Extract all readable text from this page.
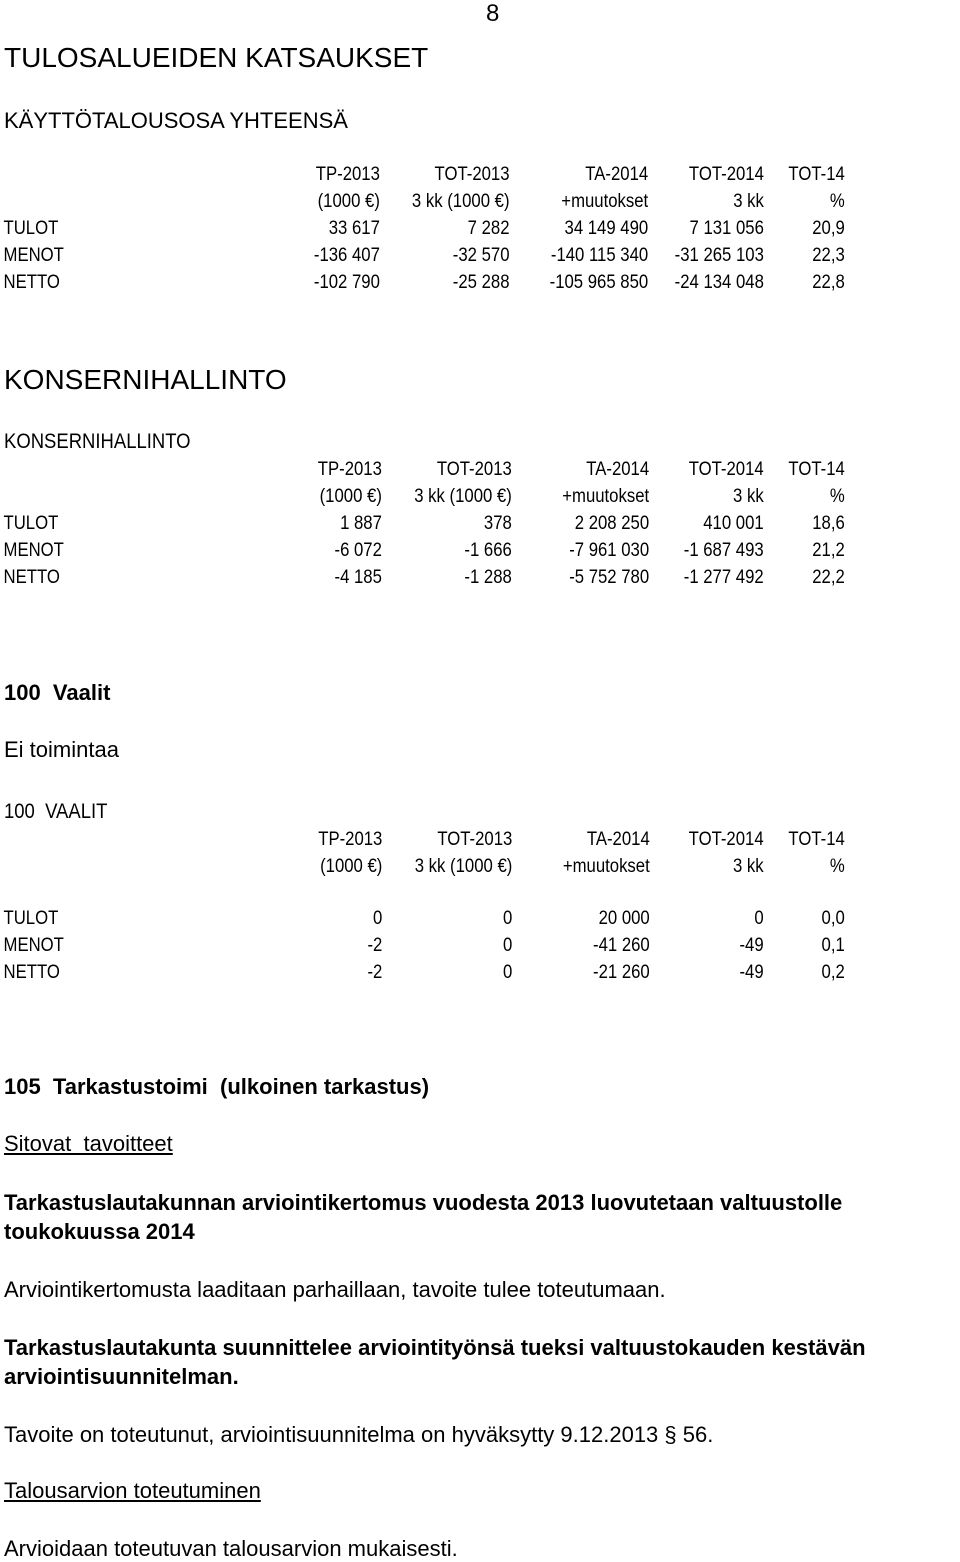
8
TULOSALUEIDEN KATSAUKSET
KÄYTTÖTALOUSOSA YHTEENSÄ
	TP-2013	TOT-2013	TA-2014	TOT-2014	TOT-14
	(1000 €)	3 kk (1000 €)	+muutokset	3 kk	%
TULOT	33 617	7 282	34 149 490	7 131 056	20,9
MENOT	-136 407	-32 570	-140 115 340	-31 265 103	22,3
NETTO	-102 790	-25 288	-105 965 850	-24 134 048	22,8
KONSERNIHALLINTO
KONSERNIHALLINTO
	TP-2013	TOT-2013	TA-2014	TOT-2014	TOT-14
	(1000 €)	3 kk (1000 €)	+muutokset	3 kk	%
TULOT	1 887	378	2 208 250	410 001	18,6
MENOT	-6 072	-1 666	-7 961 030	-1 687 493	21,2
NETTO	-4 185	-1 288	-5 752 780	-1 277 492	22,2
100  Vaalit
Ei toimintaa
100  VAALIT
	TP-2013	TOT-2013	TA-2014	TOT-2014	TOT-14
	(1000 €)	3 kk (1000 €)	+muutokset	3 kk	%

TULOT	0	0	20 000	0	0,0
MENOT	-2	0	-41 260	-49	0,1
NETTO	-2	0	-21 260	-49	0,2
105  Tarkastustoimi  (ulkoinen tarkastus)
Sitovat  tavoitteet
Tarkastuslautakunnan arviointikertomus vuodesta 2013 luovutetaan valtuustolle toukokuussa 2014
Arviointikertomusta laaditaan parhaillaan, tavoite tulee toteutumaan.
Tarkastuslautakunta suunnittelee arviointityönsä tueksi valtuustokauden kestävän arviointisuunnitelman.
Tavoite on toteutunut, arviointisuunnitelma on hyväksytty 9.12.2013 § 56.
Talousarvion toteutuminen
Arvioidaan toteutuvan talousarvion mukaisesti.
